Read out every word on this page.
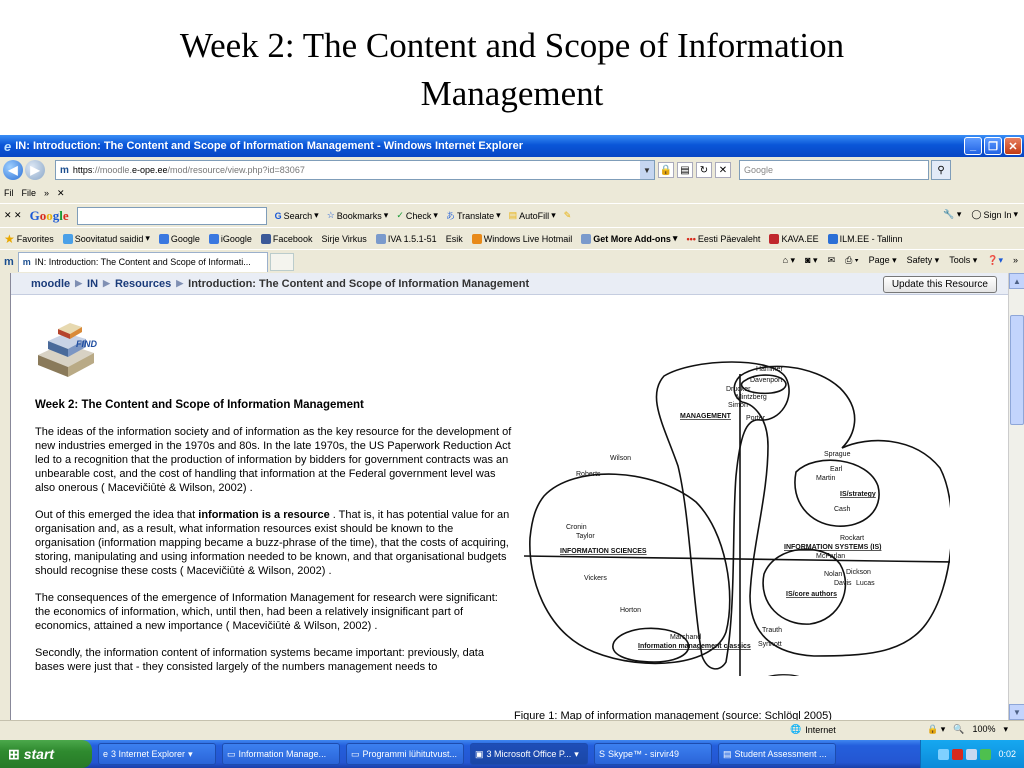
Week 2: The Content and Scope of Information
Management
e IN: Introduction: The Content and Scope of Information Management - Windows Internet Explorer	_	❐ ✕
◀	▶	m https ://moodle. e-ope.ee /mod/resource/view.php?id=83067	▼ 🔒 ▤	↻	✕	Google	⚲
Fil File » ✕
✕ ✕ Google	G Search ▾ ☆ Bookmarks ▾ ✓ Check ▾ あ Translate ▾ ▤ AutoFill ▾ ✎	🔧 ▾ ◯ Sign In ▾
★ Favorites Soovitatud saidid ▾ Google iGoogle Facebook Sirje Virkus IVA 1.5.1-51 Esik Windows Live Hotmail Get More Add-ons ▾ ••• Eesti Päevaleht KAVA.EE ILM.EE - Tallinn
m m IN: Introduction: The Content and Scope of Informati...	⌂ ▾ ◙ ▾ ✉ ⎙ ▾ Page ▾ Safety ▾ Tools ▾ ❓▾ »
moodle ▶ IN ▶ Resources ▶ Introduction: The Content and Scope of Information Management	Update this Resource
FIND
Week 2: The Content and Scope of Information Management

The ideas of the information society and of information as the key resource for the development of new industries emerged in the 1970s and 80s. In the late 1970s, the US Paperwork Reduction Act led to a recognition that the production of information by bidders for government contracts was an unbearable cost, and the cost of handling that information at the Federal government level was also onerous ( Macevičiūtė & Wilson, 2002) .

Out of this emerged the idea that information is a resource . That is, it has potential value for an organisation and, as a result, what information resources exist should be known to the organisation (information mapping became a buzz-phrase of the time), that the costs of acquiring, storing, manipulating and using information needed to be known, and that organisational budgets should recognise these costs ( Macevičiūtė & Wilson, 2002) .

The consequences of the emergence of Information Management for research were significant: the economics of information, which, until then, had been a relatively insignificant part of economics, attained a new importance ( Macevičiūtė & Wilson, 2002) .

Secondly, the information content of information systems became important: previously, data bases were just that - they consisted largely of the numbers management needs to

Hammer
Davenport
Drucker
Mintzberg
Simon
MANAGEMENT Porter
Wilson
Roberts
Sprague
Earl
Martin
IS/strategy
Cash
Cronin
Taylor
INFORMATION SCIENCES
Rockart
INFORMATION SYSTEMS (IS)
McFarlan
Vickers
Nolan Dickson
Davis Lucas
IS/core authors
Horton
Trauth
Marchand
Information management classics Synnott
Figure 1: Map of information management (source: Schlögl 2005)
▲
▼
🌐 Internet	🔒 ▾ 🔍 100% ▾
⊞ start	e 3 Internet Explorer ▾	▭ Information Manage...	▭ Programmi lühitutvust... ▣ 3 Microsoft Office P... ▾	S Skype™ - sirvir49	▤ Student Assessment ...	0:02
